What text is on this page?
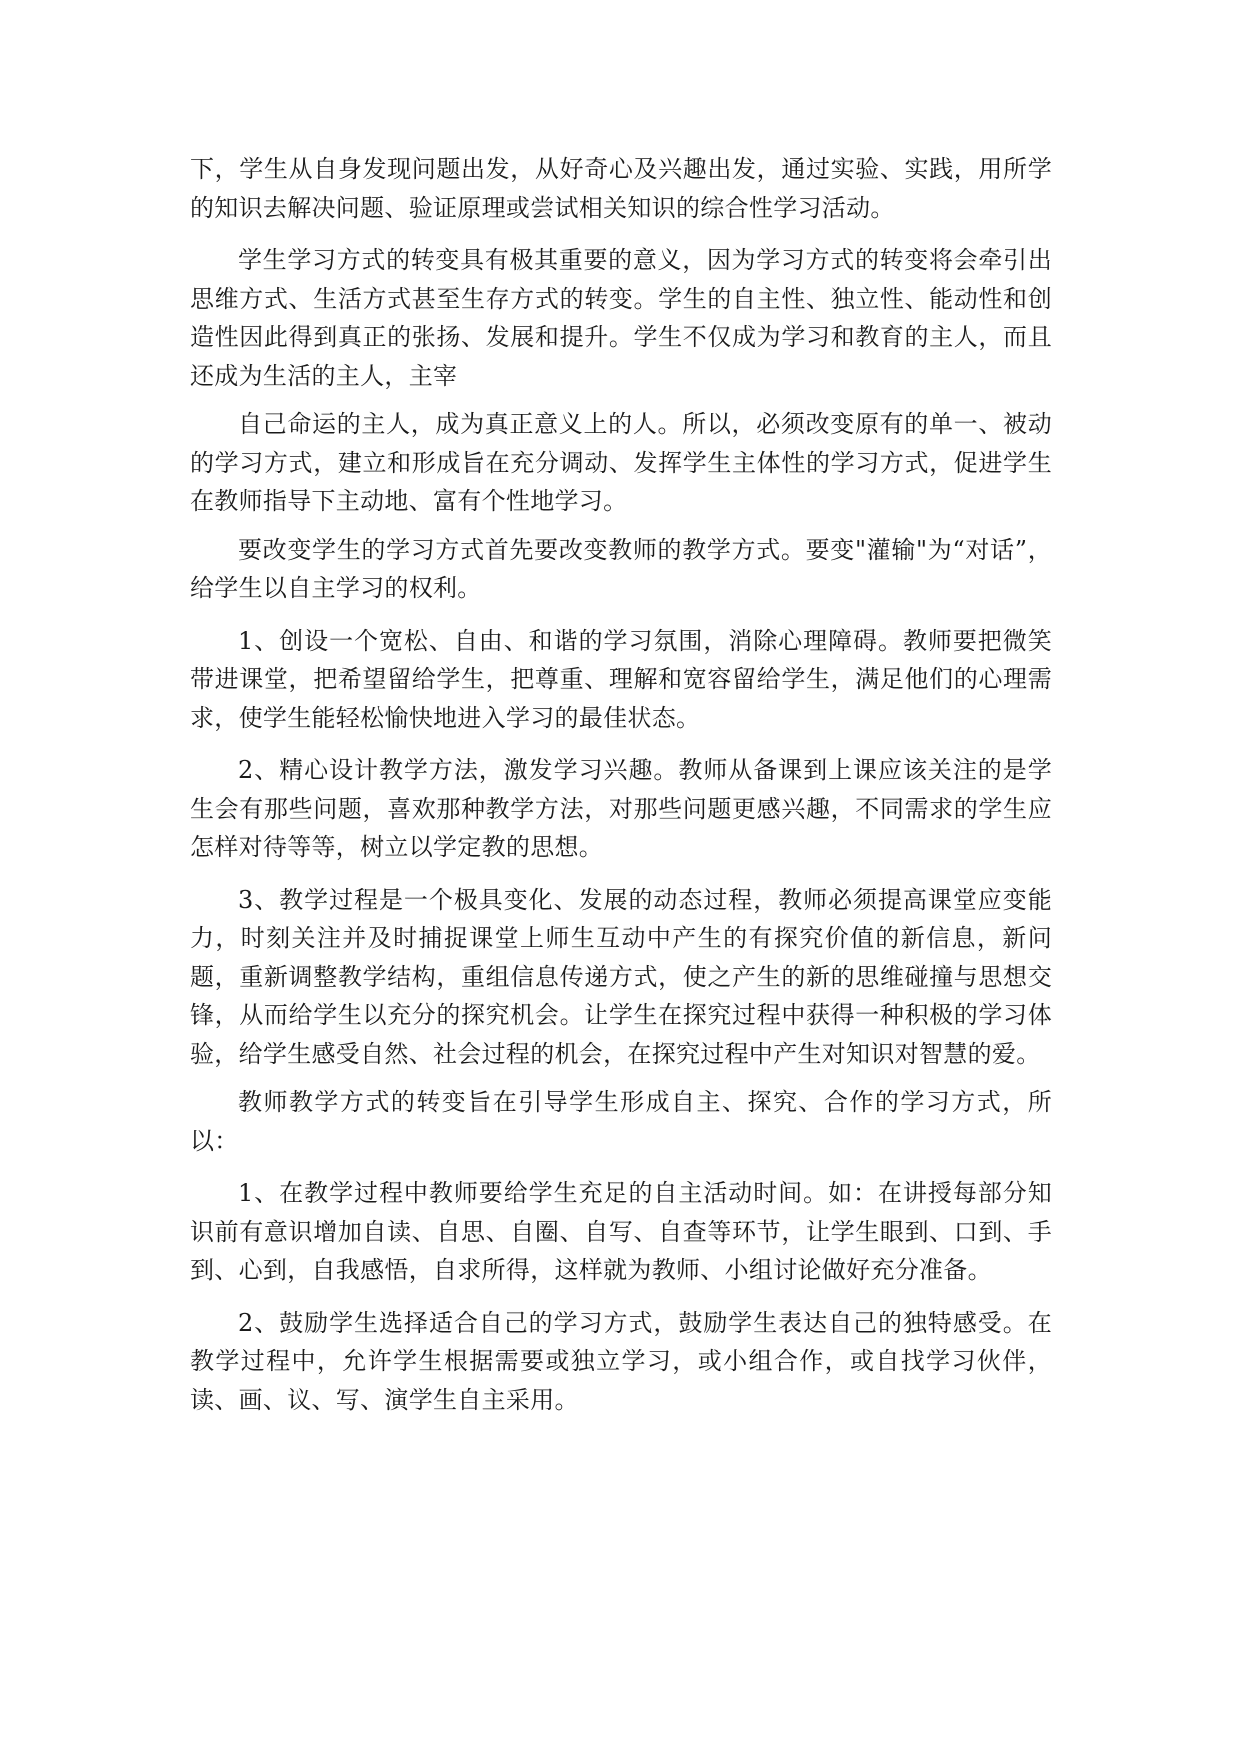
下，学生从自身发现问题出发，从好奇心及兴趣出发，通过实验、实践，用所学的知识去解决问题、验证原理或尝试相关知识的综合性学习活动。

学生学习方式的转变具有极其重要的意义，因为学习方式的转变将会牵引出思维方式、生活方式甚至生存方式的转变。学生的自主性、独立性、能动性和创造性因此得到真正的张扬、发展和提升。学生不仅成为学习和教育的主人，而且还成为生活的主人，主宰

自己命运的主人，成为真正意义上的人。所以，必须改变原有的单一、被动的学习方式，建立和形成旨在充分调动、发挥学生主体性的学习方式，促进学生在教师指导下主动地、富有个性地学习。

要改变学生的学习方式首先要改变教师的教学方式。要变"灌输"为“对话”，给学生以自主学习的权利。

1、创设一个宽松、自由、和谐的学习氛围，消除心理障碍。教师要把微笑带进课堂，把希望留给学生，把尊重、理解和宽容留给学生，满足他们的心理需求，使学生能轻松愉快地进入学习的最佳状态。

2、精心设计教学方法，激发学习兴趣。教师从备课到上课应该关注的是学生会有那些问题，喜欢那种教学方法，对那些问题更感兴趣，不同需求的学生应怎样对待等等，树立以学定教的思想。

3、教学过程是一个极具变化、发展的动态过程，教师必须提高课堂应变能力，时刻关注并及时捕捉课堂上师生互动中产生的有探究价值的新信息，新问题，重新调整教学结构，重组信息传递方式，使之产生的新的思维碰撞与思想交锋，从而给学生以充分的探究机会。让学生在探究过程中获得一种积极的学习体验，给学生感受自然、社会过程的机会，在探究过程中产生对知识对智慧的爱。

教师教学方式的转变旨在引导学生形成自主、探究、合作的学习方式，所以：

1、在教学过程中教师要给学生充足的自主活动时间。如：在讲授每部分知识前有意识增加自读、自思、自圈、自写、自查等环节，让学生眼到、口到、手到、心到，自我感悟，自求所得，这样就为教师、小组讨论做好充分准备。

2、鼓励学生选择适合自己的学习方式，鼓励学生表达自己的独特感受。在教学过程中，允许学生根据需要或独立学习，或小组合作，或自找学习伙伴，读、画、议、写、演学生自主采用。
